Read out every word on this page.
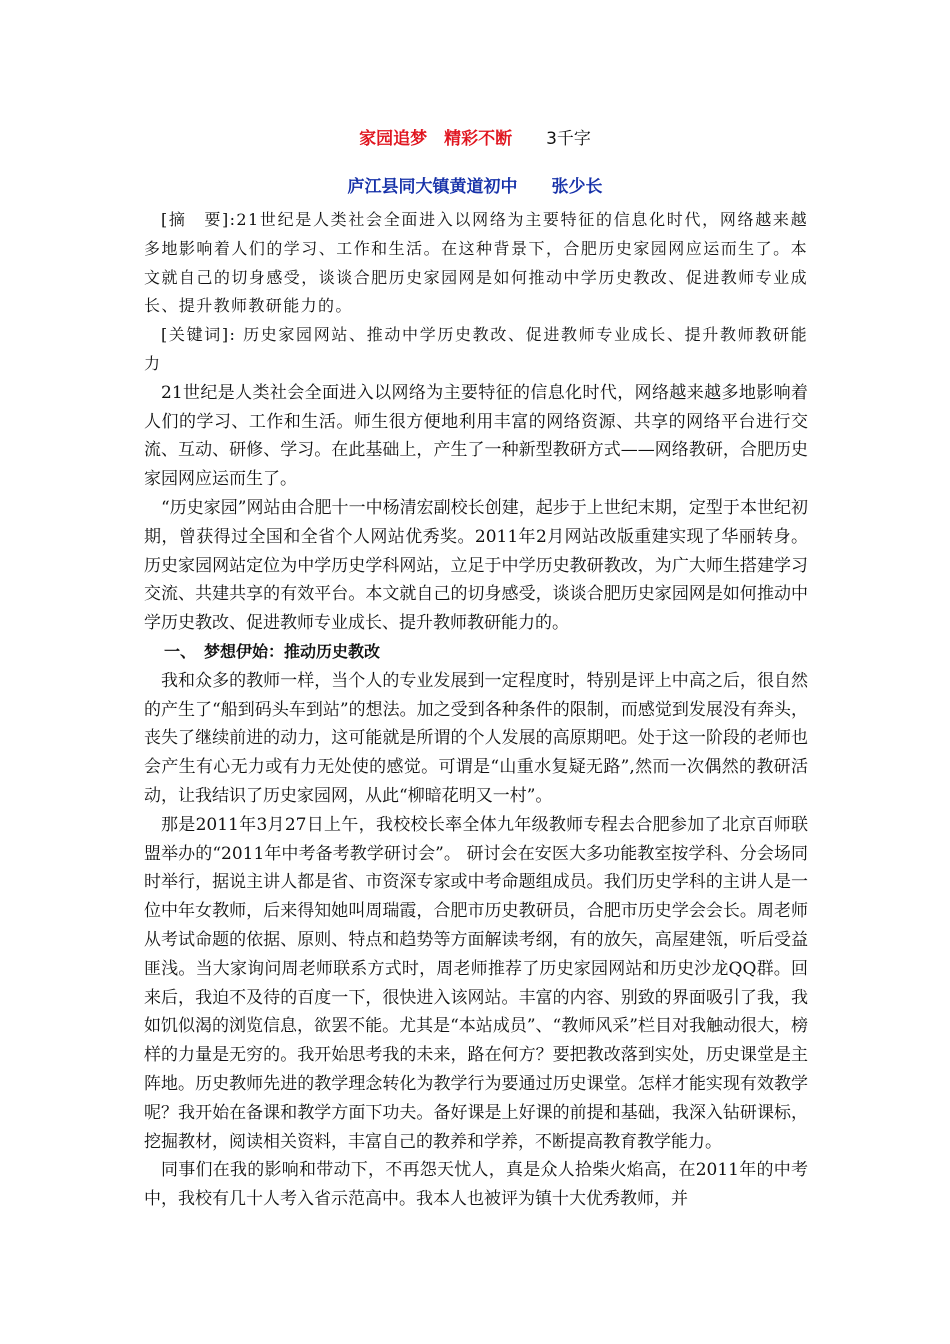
家园追梦　精彩不断　　 3千字
庐江县同大镇黄道初中　　 张少长

[摘　要]:21世纪是人类社会全面进入以网络为主要特征的信息化时代，网络越来越多地影响着人们的学习、工作和生活。在这种背景下，合肥历史家园网应运而生了。本文就自己的切身感受，谈谈合肥历史家园网是如何推动中学历史教改、促进教师专业成长、提升教师教研能力的。

[关键词]: 历史家园网站、推动中学历史教改、促进教师专业成长、提升教师教研能力

21世纪是人类社会全面进入以网络为主要特征的信息化时代，网络越来越多地影响着人们的学习、工作和生活。师生很方便地利用丰富的网络资源、共享的网络平台进行交流、互动、研修、学习。在此基础上，产生了一种新型教研方式——网络教研，合肥历史家园网应运而生了。

“历史家园”网站由合肥十一中杨清宏副校长创建，起步于上世纪末期，定型于本世纪初期，曾获得过全国和全省个人网站优秀奖。2011年2月网站改版重建实现了华丽转身。历史家园网站定位为中学历史学科网站，立足于中学历史教研教改，为广大师生搭建学习交流、共建共享的有效平台。本文就自己的切身感受，谈谈合肥历史家园网是如何推动中学历史教改、促进教师专业成长、提升教师教研能力的。

一、　梦想伊始：推动历史教改

我和众多的教师一样，当个人的专业发展到一定程度时，特别是评上中高之后，很自然的产生了“船到码头车到站”的想法。加之受到各种条件的限制，而感觉到发展没有奔头，丧失了继续前进的动力，这可能就是所谓的个人发展的高原期吧。处于这一阶段的老师也会产生有心无力或有力无处使的感觉。可谓是“山重水复疑无路”,然而一次偶然的教研活动，让我结识了历史家园网，从此“柳暗花明又一村”。

那是2011年3月27日上午，我校校长率全体九年级教师专程去合肥参加了北京百师联盟举办的“2011年中考备考教学研讨会”。 研讨会在安医大多功能教室按学科、分会场同时举行，据说主讲人都是省、市资深专家或中考命题组成员。我们历史学科的主讲人是一位中年女教师，后来得知她叫周瑞霞，合肥市历史教研员，合肥市历史学会会长。周老师从考试命题的依据、原则、特点和趋势等方面解读考纲，有的放矢，高屋建瓴，听后受益匪浅。当大家询问周老师联系方式时，周老师推荐了历史家园网站和历史沙龙QQ群。回来后，我迫不及待的百度一下，很快进入该网站。丰富的内容、别致的界面吸引了我，我如饥似渴的浏览信息，欲罢不能。尤其是“本站成员”、“教师风采”栏目对我触动很大，榜样的力量是无穷的。我开始思考我的未来，路在何方？要把教改落到实处，历史课堂是主阵地。历史教师先进的教学理念转化为教学行为要通过历史课堂。怎样才能实现有效教学呢？我开始在备课和教学方面下功夫。备好课是上好课的前提和基础，我深入钻研课标，挖掘教材，阅读相关资料，丰富自己的教养和学养，不断提高教育教学能力。

同事们在我的影响和带动下，不再怨天忧人，真是众人拾柴火焰高，在2011年的中考中，我校有几十人考入省示范高中。我本人也被评为镇十大优秀教师，并
